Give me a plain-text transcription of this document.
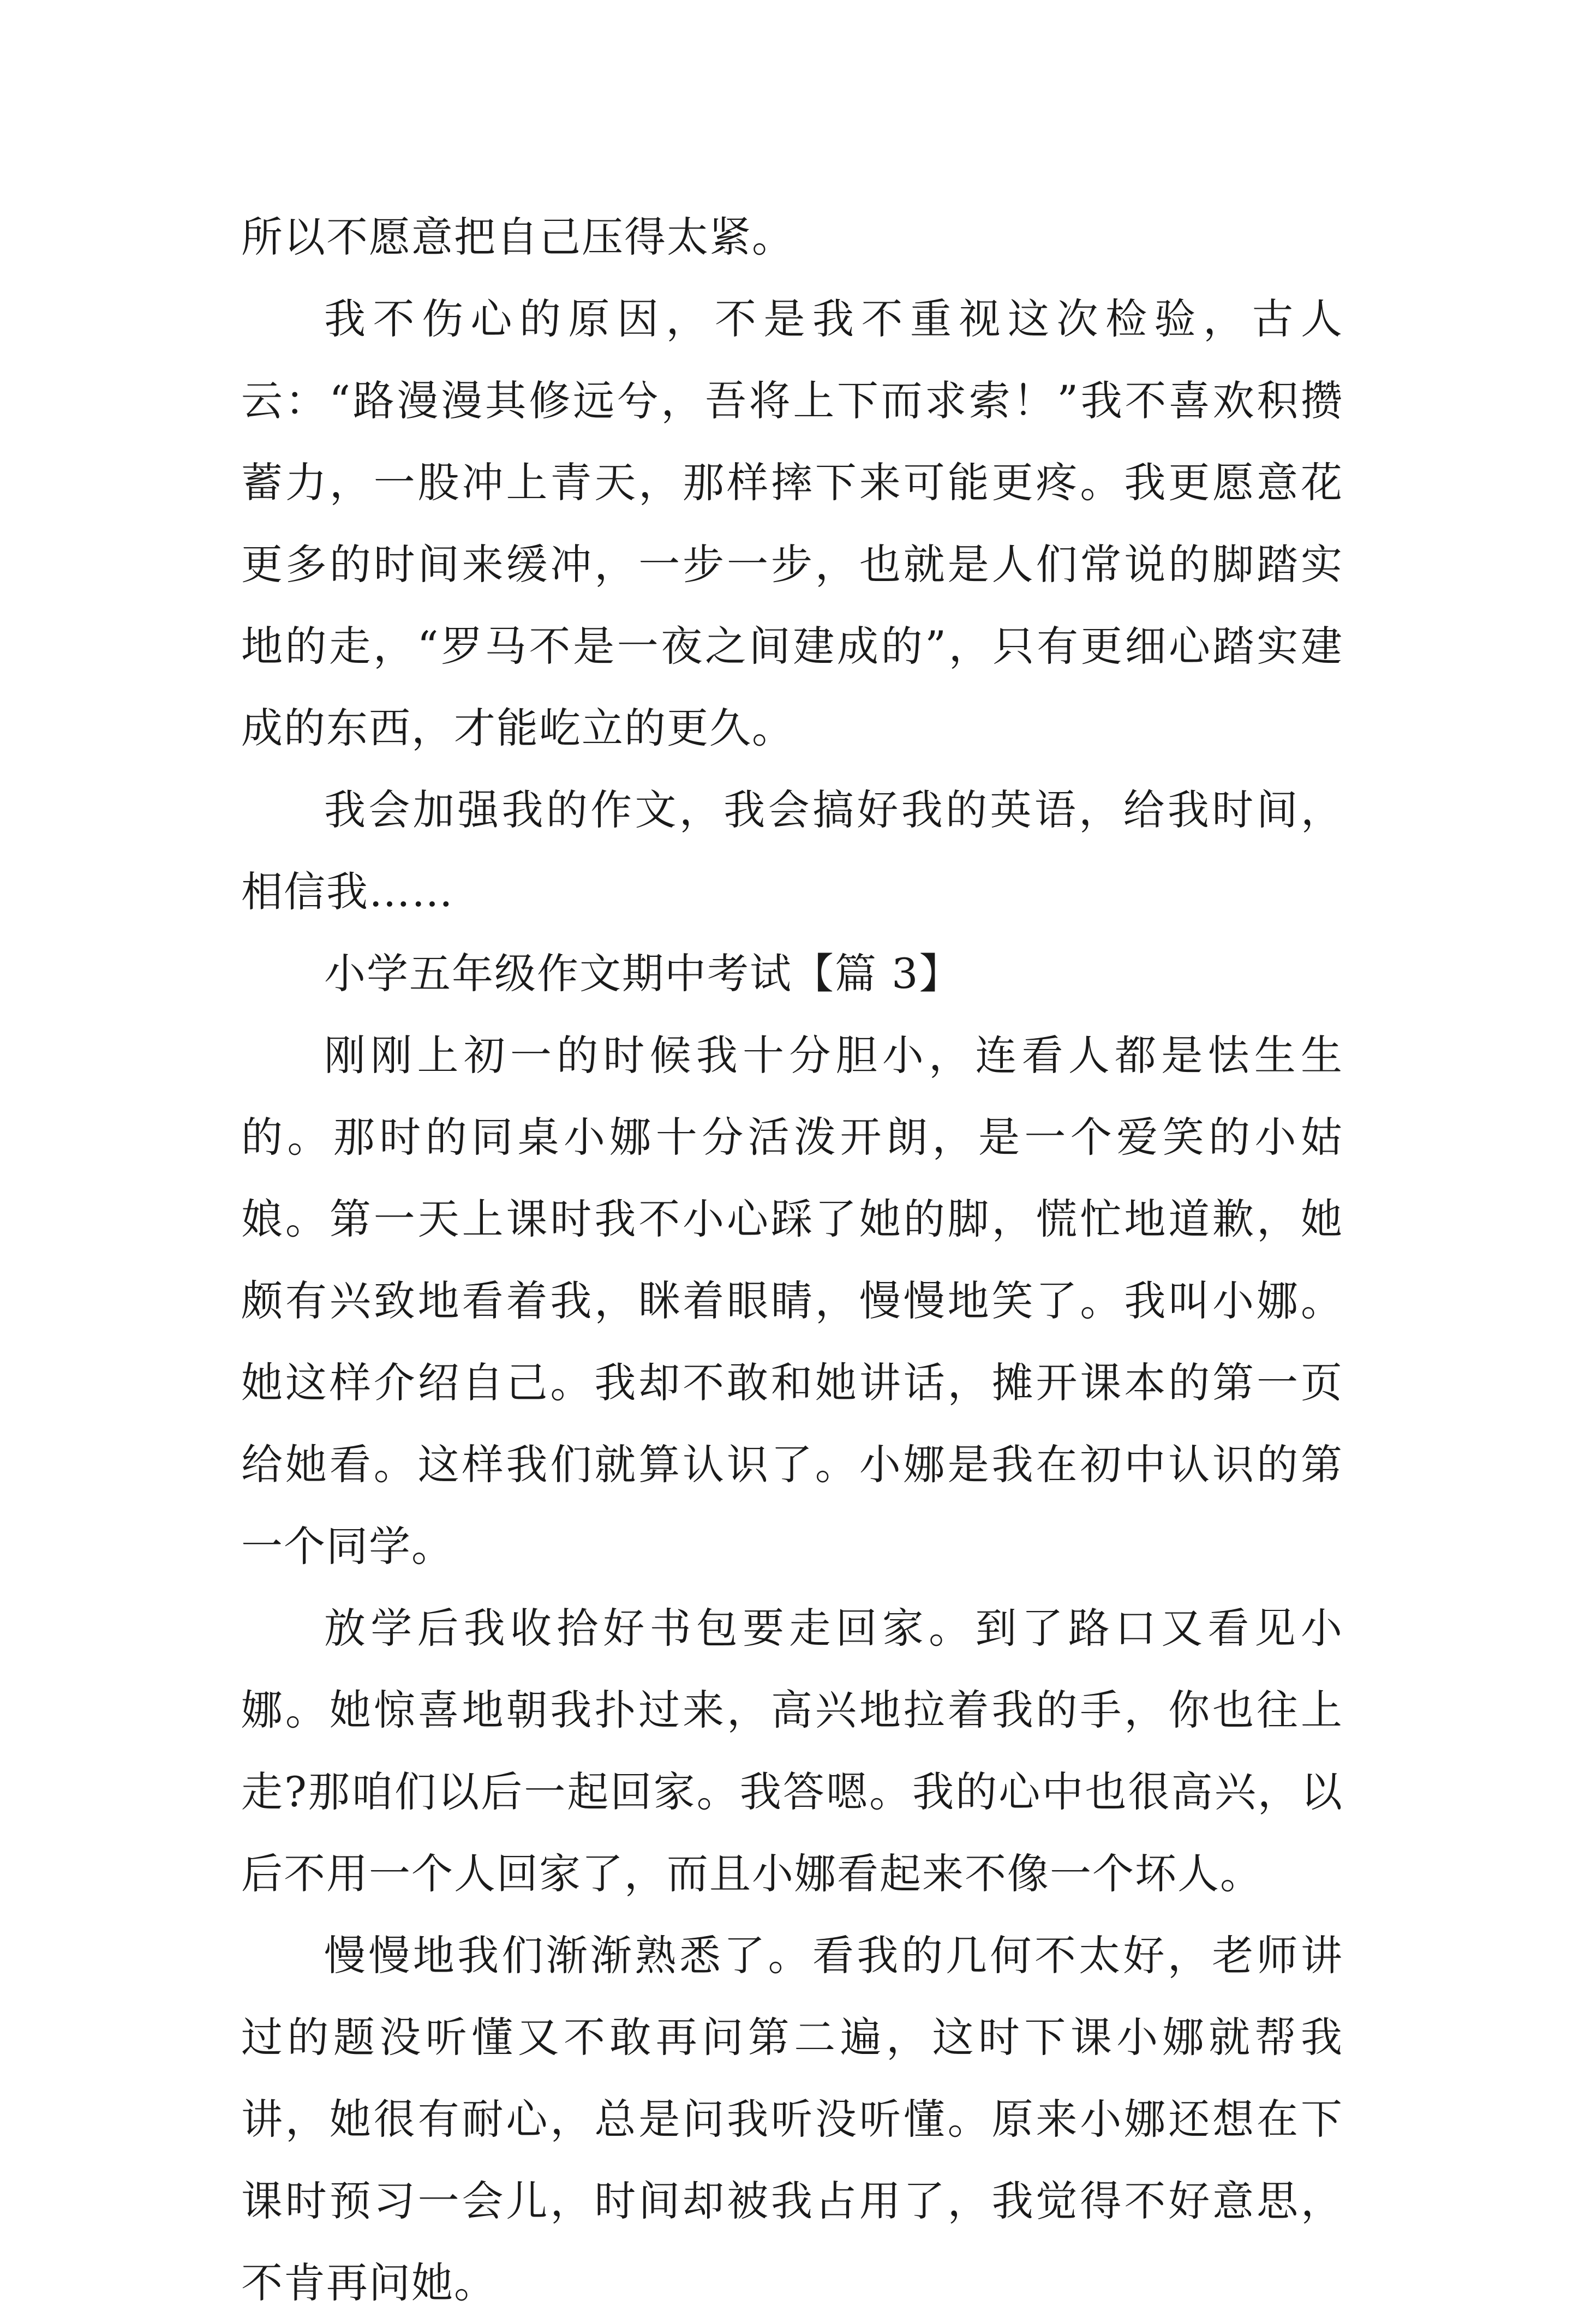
所以不愿意把自己压得太紧。

我不伤心的原因，不是我不重视这次检验，古人云：“路漫漫其修远兮，吾将上下而求索！”我不喜欢积攒蓄力，一股冲上青天，那样摔下来可能更疼。我更愿意花更多的时间来缓冲，一步一步，也就是人们常说的脚踏实地的走，“罗马不是一夜之间建成的”，只有更细心踏实建成的东西，才能屹立的更久。

我会加强我的作文，我会搞好我的英语，给我时间，相信我……

小学五年级作文期中考试【篇 3】

刚刚上初一的时候我十分胆小，连看人都是怯生生的。那时的同桌小娜十分活泼开朗，是一个爱笑的小姑娘。第一天上课时我不小心踩了她的脚，慌忙地道歉，她颇有兴致地看着我，眯着眼睛，慢慢地笑了。我叫小娜。她这样介绍自己。我却不敢和她讲话，摊开课本的第一页给她看。这样我们就算认识了。小娜是我在初中认识的第一个同学。

放学后我收拾好书包要走回家。到了路口又看见小娜。她惊喜地朝我扑过来，高兴地拉着我的手，你也往上走?那咱们以后一起回家。我答嗯。我的心中也很高兴，以后不用一个人回家了，而且小娜看起来不像一个坏人。

慢慢地我们渐渐熟悉了。看我的几何不太好，老师讲过的题没听懂又不敢再问第二遍，这时下课小娜就帮我讲，她很有耐心，总是问我听没听懂。原来小娜还想在下课时预习一会儿，时间却被我占用了，我觉得不好意思，不肯再问她。
